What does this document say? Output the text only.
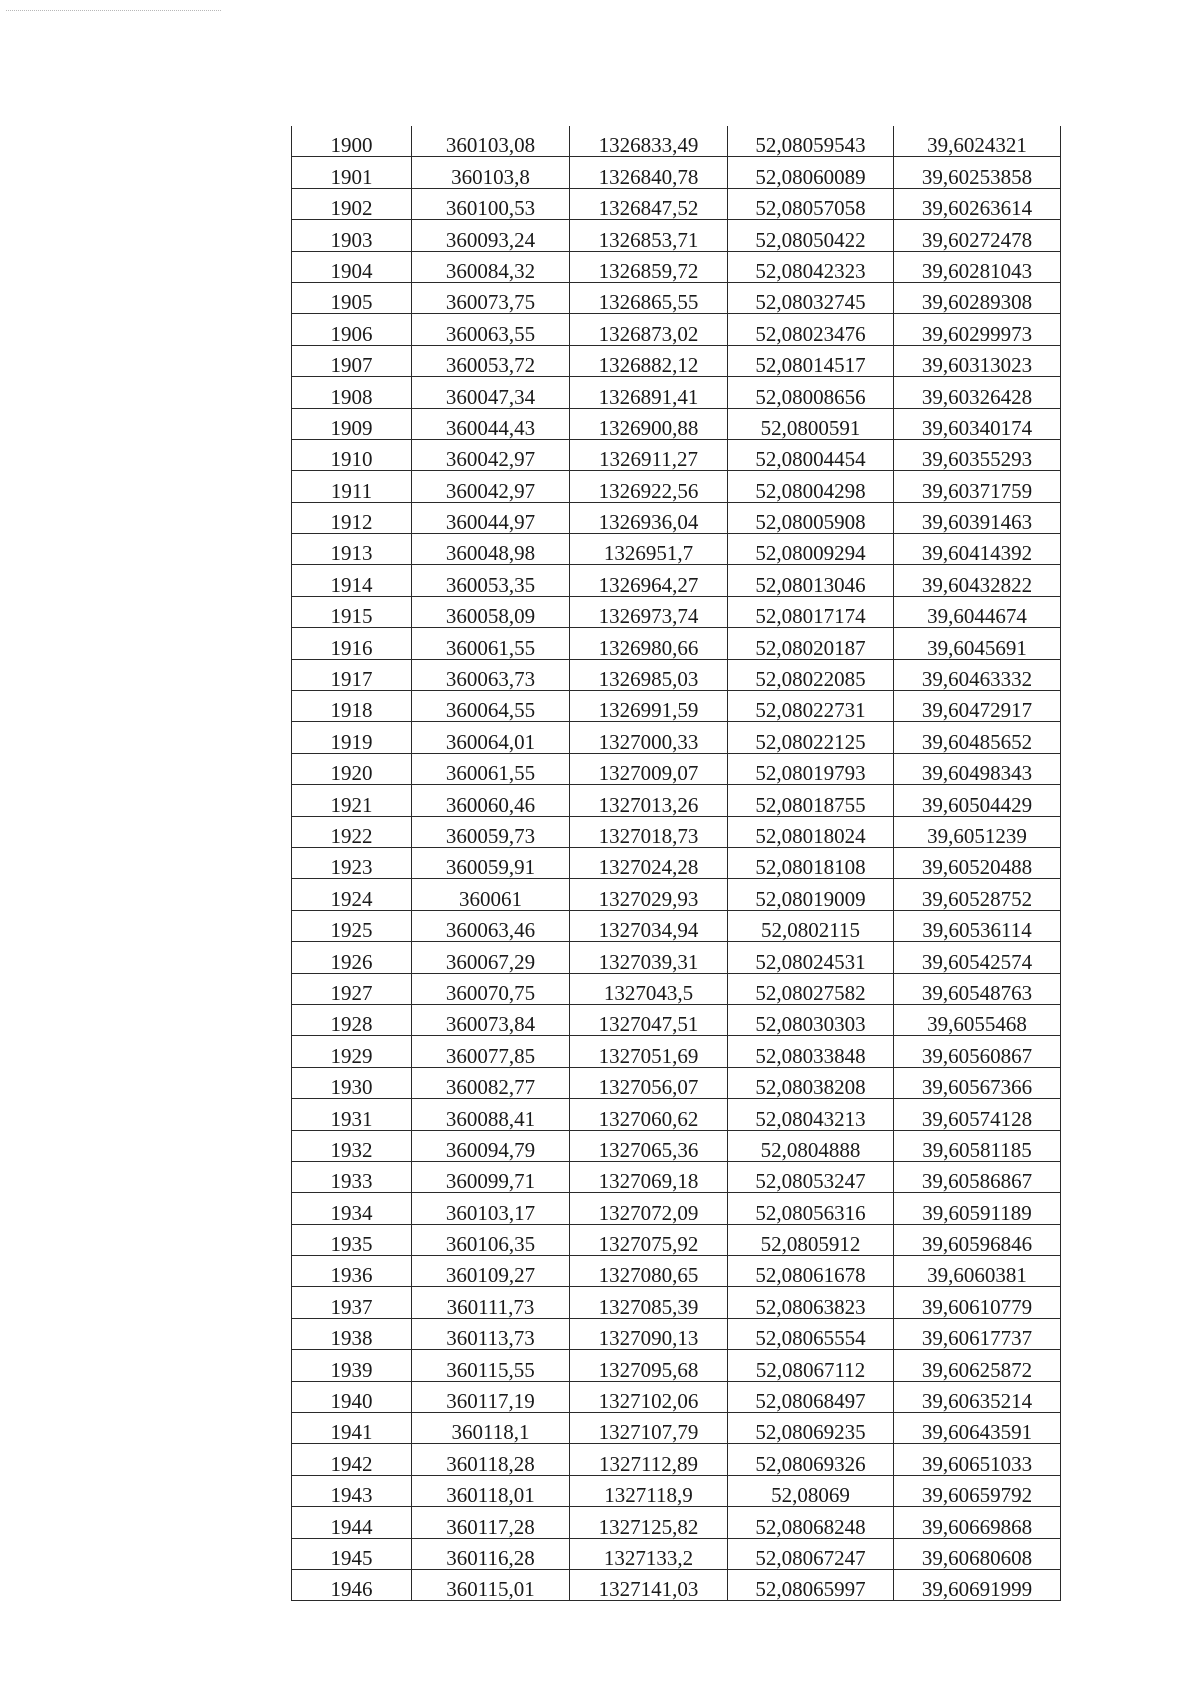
1900	360103,08	1326833,49	52,08059543	39,6024321
1901	360103,8	1326840,78	52,08060089	39,60253858
1902	360100,53	1326847,52	52,08057058	39,60263614
1903	360093,24	1326853,71	52,08050422	39,60272478
1904	360084,32	1326859,72	52,08042323	39,60281043
1905	360073,75	1326865,55	52,08032745	39,60289308
1906	360063,55	1326873,02	52,08023476	39,60299973
1907	360053,72	1326882,12	52,08014517	39,60313023
1908	360047,34	1326891,41	52,08008656	39,60326428
1909	360044,43	1326900,88	52,0800591	39,60340174
1910	360042,97	1326911,27	52,08004454	39,60355293
1911	360042,97	1326922,56	52,08004298	39,60371759
1912	360044,97	1326936,04	52,08005908	39,60391463
1913	360048,98	1326951,7	52,08009294	39,60414392
1914	360053,35	1326964,27	52,08013046	39,60432822
1915	360058,09	1326973,74	52,08017174	39,6044674
1916	360061,55	1326980,66	52,08020187	39,6045691
1917	360063,73	1326985,03	52,08022085	39,60463332
1918	360064,55	1326991,59	52,08022731	39,60472917
1919	360064,01	1327000,33	52,08022125	39,60485652
1920	360061,55	1327009,07	52,08019793	39,60498343
1921	360060,46	1327013,26	52,08018755	39,60504429
1922	360059,73	1327018,73	52,08018024	39,6051239
1923	360059,91	1327024,28	52,08018108	39,60520488
1924	360061	1327029,93	52,08019009	39,60528752
1925	360063,46	1327034,94	52,0802115	39,60536114
1926	360067,29	1327039,31	52,08024531	39,60542574
1927	360070,75	1327043,5	52,08027582	39,60548763
1928	360073,84	1327047,51	52,08030303	39,6055468
1929	360077,85	1327051,69	52,08033848	39,60560867
1930	360082,77	1327056,07	52,08038208	39,60567366
1931	360088,41	1327060,62	52,08043213	39,60574128
1932	360094,79	1327065,36	52,0804888	39,60581185
1933	360099,71	1327069,18	52,08053247	39,60586867
1934	360103,17	1327072,09	52,08056316	39,60591189
1935	360106,35	1327075,92	52,0805912	39,60596846
1936	360109,27	1327080,65	52,08061678	39,6060381
1937	360111,73	1327085,39	52,08063823	39,60610779
1938	360113,73	1327090,13	52,08065554	39,60617737
1939	360115,55	1327095,68	52,08067112	39,60625872
1940	360117,19	1327102,06	52,08068497	39,60635214
1941	360118,1	1327107,79	52,08069235	39,60643591
1942	360118,28	1327112,89	52,08069326	39,60651033
1943	360118,01	1327118,9	52,08069	39,60659792
1944	360117,28	1327125,82	52,08068248	39,60669868
1945	360116,28	1327133,2	52,08067247	39,60680608
1946	360115,01	1327141,03	52,08065997	39,60691999
